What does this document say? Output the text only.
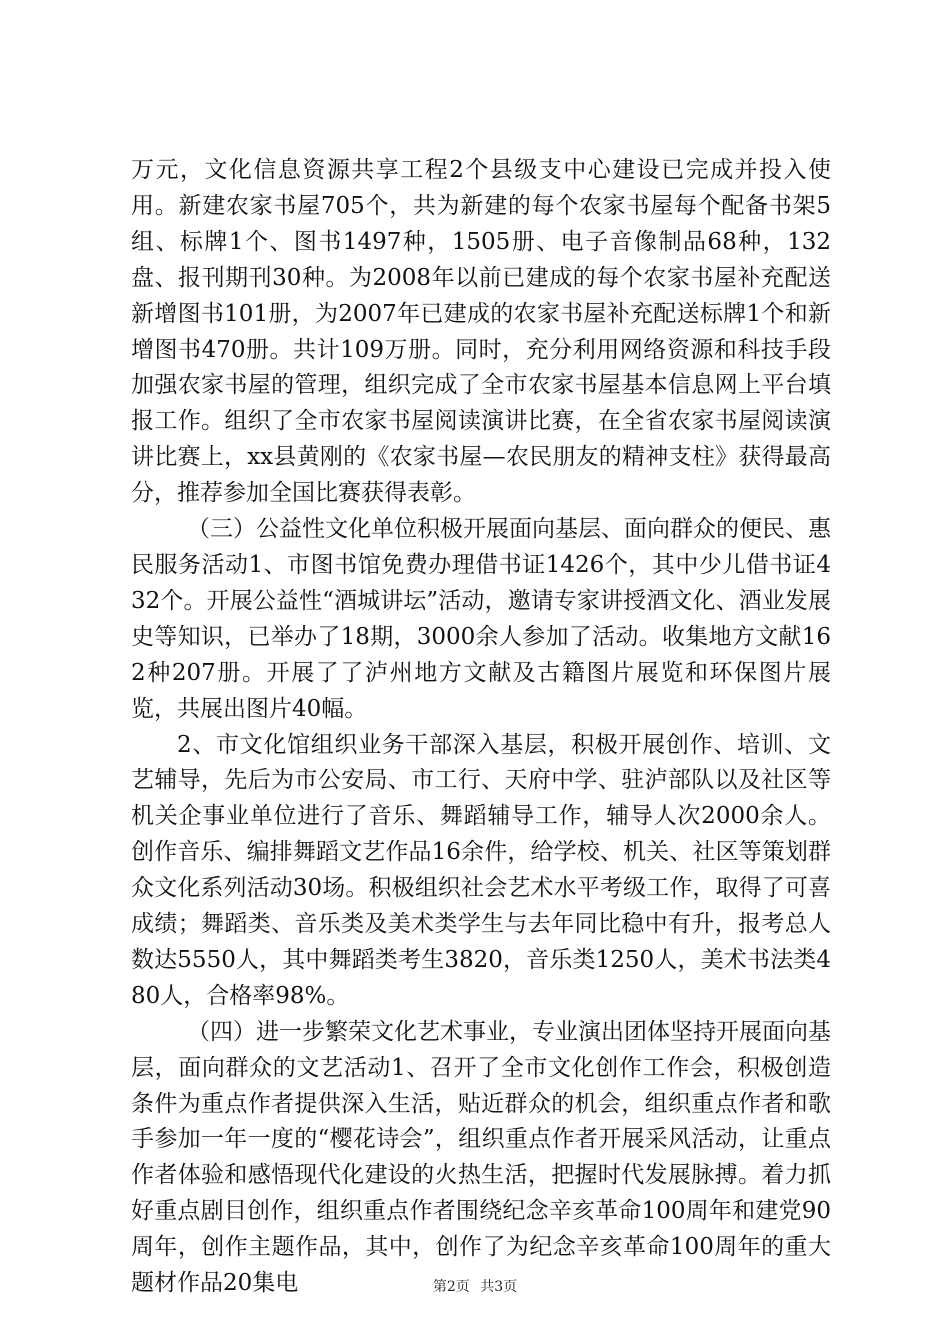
万元，文化信息资源共享工程2个县级支中心建设已完成并投入使用。新建农家书屋705个，共为新建的每个农家书屋每个配备书架5组、标牌1个、图书1497种，1505册、电子音像制品68种，132盘、报刊期刊30种。为2008年以前已建成的每个农家书屋补充配送新增图书101册，为2007年已建成的农家书屋补充配送标牌1个和新增图书470册。共计109万册。同时，充分利用网络资源和科技手段加强农家书屋的管理，组织完成了全市农家书屋基本信息网上平台填报工作。组织了全市农家书屋阅读演讲比赛，在全省农家书屋阅读演讲比赛上，xx县黄刚的《农家书屋—农民朋友的精神支柱》获得最高分，推荐参加全国比赛获得表彰。

（三）公益性文化单位积极开展面向基层、面向群众的便民、惠民服务活动1、市图书馆免费办理借书证1426个，其中少儿借书证432个。开展公益性“酒城讲坛”活动，邀请专家讲授酒文化、酒业发展史等知识，已举办了18期，3000余人参加了活动。收集地方文献162种207册。开展了了泸州地方文献及古籍图片展览和环保图片展览，共展出图片40幅。

2、市文化馆组织业务干部深入基层，积极开展创作、培训、文艺辅导，先后为市公安局、市工行、天府中学、驻泸部队以及社区等机关企事业单位进行了音乐、舞蹈辅导工作，辅导人次2000余人。创作音乐、编排舞蹈文艺作品16余件，给学校、机关、社区等策划群众文化系列活动30场。积极组织社会艺术水平考级工作，取得了可喜成绩；舞蹈类、音乐类及美术类学生与去年同比稳中有升，报考总人数达5550人，其中舞蹈类考生3820，音乐类1250人，美术书法类480人，合格率98%。

（四）进一步繁荣文化艺术事业，专业演出团体坚持开展面向基层，面向群众的文艺活动1、召开了全市文化创作工作会，积极创造条件为重点作者提供深入生活，贴近群众的机会，组织重点作者和歌手参加一年一度的“樱花诗会”，组织重点作者开展采风活动，让重点作者体验和感悟现代化建设的火热生活，把握时代发展脉搏。着力抓好重点剧目创作，组织重点作者围绕纪念辛亥革命100周年和建党90周年，创作主题作品，其中，创作了为纪念辛亥革命100周年的重大题材作品20集电	第2页 共3页
